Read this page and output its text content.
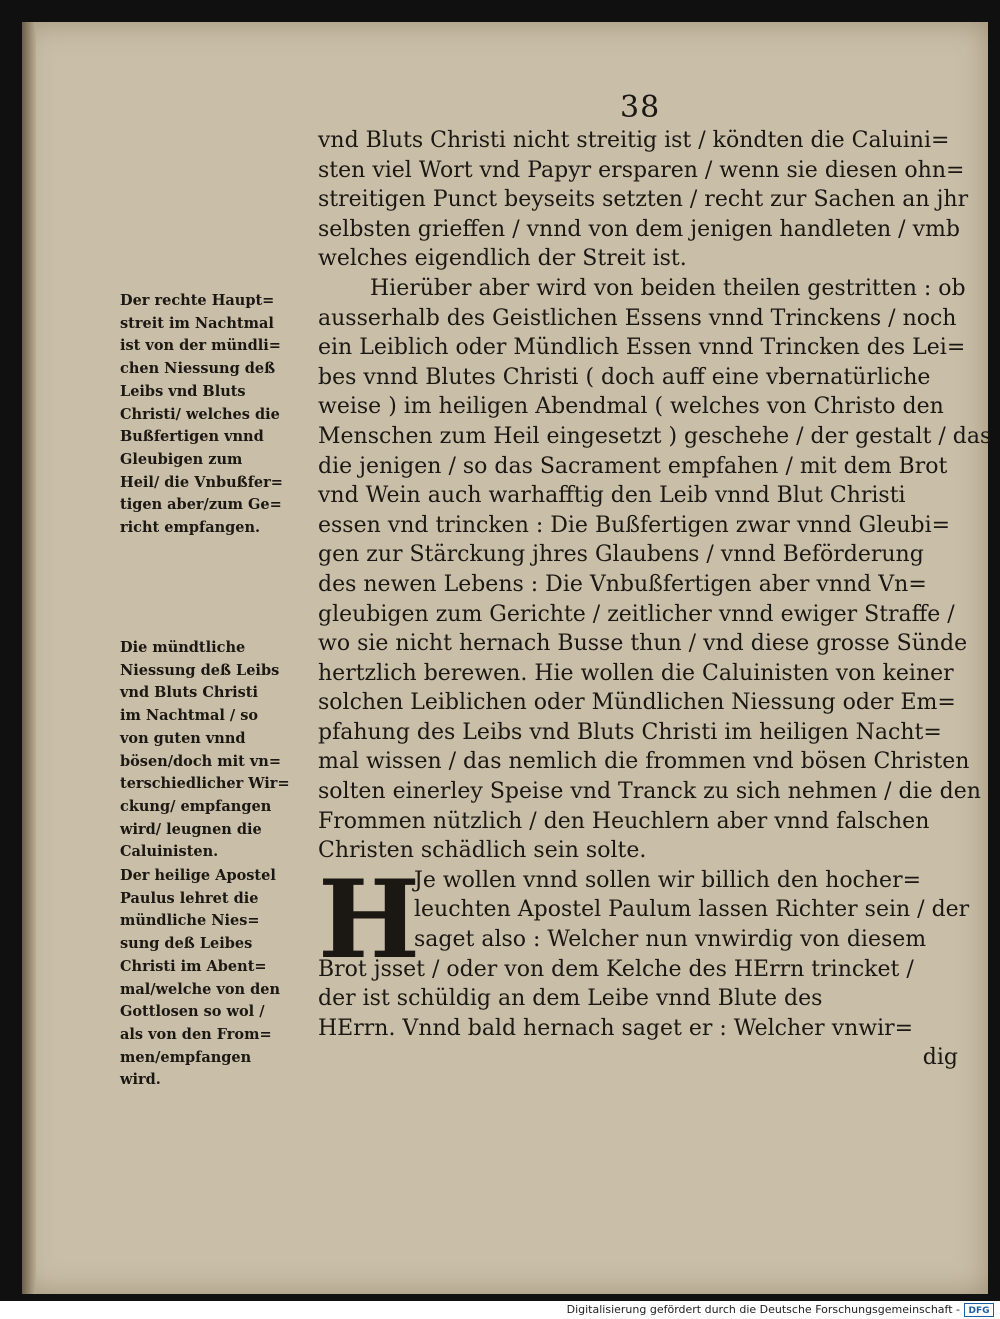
38
Der rechte Haupt=
streit im Nachtmal
ist von der mündli=
chen Niessung deß
Leibs vnd Bluts
Christi/ welches die
Bußfertigen vnnd
Gleubigen zum
Heil/ die Vnbußfer=
tigen aber/zum Ge=
richt empfangen.
Die mündtliche
Niessung deß Leibs
vnd Bluts Christi
im Nachtmal / so
von guten vnnd
bösen/doch mit vn=
terschiedlicher Wir=
ckung/ empfangen
wird/ leugnen die
Caluinisten.
Der heilige Apostel
Paulus lehret die
mündliche Nies=
sung deß Leibes
Christi im Abent=
mal/welche von den
Gottlosen so wol /
als von den From=
men/empfangen
wird.
vnd Bluts Christi nicht streitig ist / köndten die Caluini=
sten viel Wort vnd Papyr ersparen / wenn sie diesen ohn=
streitigen Punct beyseits setzten / recht zur Sachen an jhr
selbsten grieffen / vnnd von dem jenigen handleten / vmb
welches eigendlich der Streit ist.
Hierüber aber wird von beiden theilen gestritten : ob
ausserhalb des Geistlichen Essens vnnd Trinckens / noch
ein Leiblich oder Mündlich Essen vnnd Trincken des Lei=
bes vnnd Blutes Christi ( doch auff eine vbernatürliche
weise ) im heiligen Abendmal ( welches von Christo den
Menschen zum Heil eingesetzt ) geschehe / der gestalt / das
die jenigen / so das Sacrament empfahen / mit dem Brot
vnd Wein auch warhafftig den Leib vnnd Blut Christi
essen vnd trincken : Die Bußfertigen zwar vnnd Gleubi=
gen zur Stärckung jhres Glaubens / vnnd Beförderung
des newen Lebens : Die Vnbußfertigen aber vnnd Vn=
gleubigen zum Gerichte / zeitlicher vnnd ewiger Straffe /
wo sie nicht hernach Busse thun / vnd diese grosse Sünde
hertzlich berewen. Hie wollen die Caluinisten von keiner
solchen Leiblichen oder Mündlichen Niessung oder Em=
pfahung des Leibs vnd Bluts Christi im heiligen Nacht=
mal wissen / das nemlich die frommen vnd bösen Christen
solten einerley Speise vnd Tranck zu sich nehmen / die den
Frommen nützlich / den Heuchlern aber vnnd falschen
Christen schädlich sein solte.
H
Je wollen vnnd sollen wir billich den hocher=
leuchten Apostel Paulum lassen Richter sein / der
saget also : Welcher nun vnwirdig von diesem
Brot jsset / oder von dem Kelche des HErrn trincket /
der ist schüldig an dem Leibe vnnd Blute des
HErrn. Vnnd bald hernach saget er : Welcher vnwir=
dig
Digitalisierung gefördert durch die Deutsche Forschungsgemeinschaft - DFG
